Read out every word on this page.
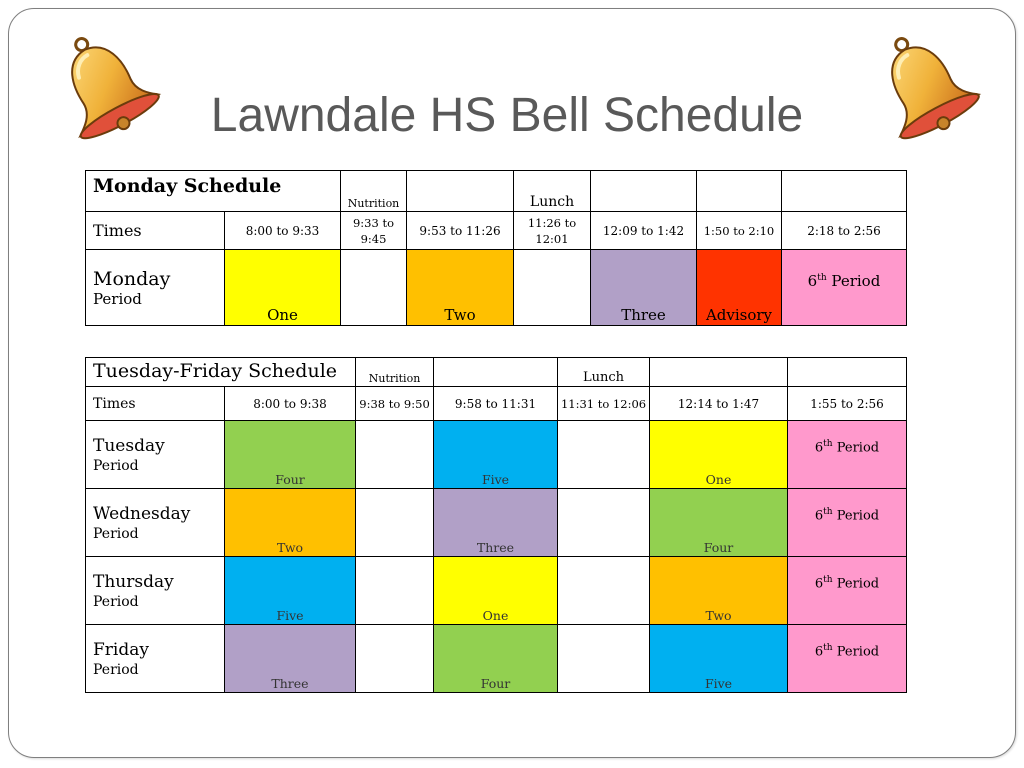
Lawndale HS Bell Schedule
Monday Schedule		Nutrition		Lunch			
Times	8:00 to 9:33	9:33 to 9:45	9:53 to 11:26	11:26 to 12:01	12:09 to 1:42	1:50 to 2:10	2:18 to 2:56

Monday
Period	One		Two		Three	Advisory	6th Period
Tuesday-Friday Schedule		Nutrition		Lunch		
Times	8:00 to 9:38	9:38 to 9:50	9:58 to 11:31	11:31 to 12:06	12:14 to 1:47	1:55 to 2:56

Tuesday
Period	Four		Five		One	6th Period

Wednesday
Period	Two		Three		Four	6th Period

Thursday
Period	Five		One		Two	6th Period

Friday
Period	Three		Four		Five	6th Period
